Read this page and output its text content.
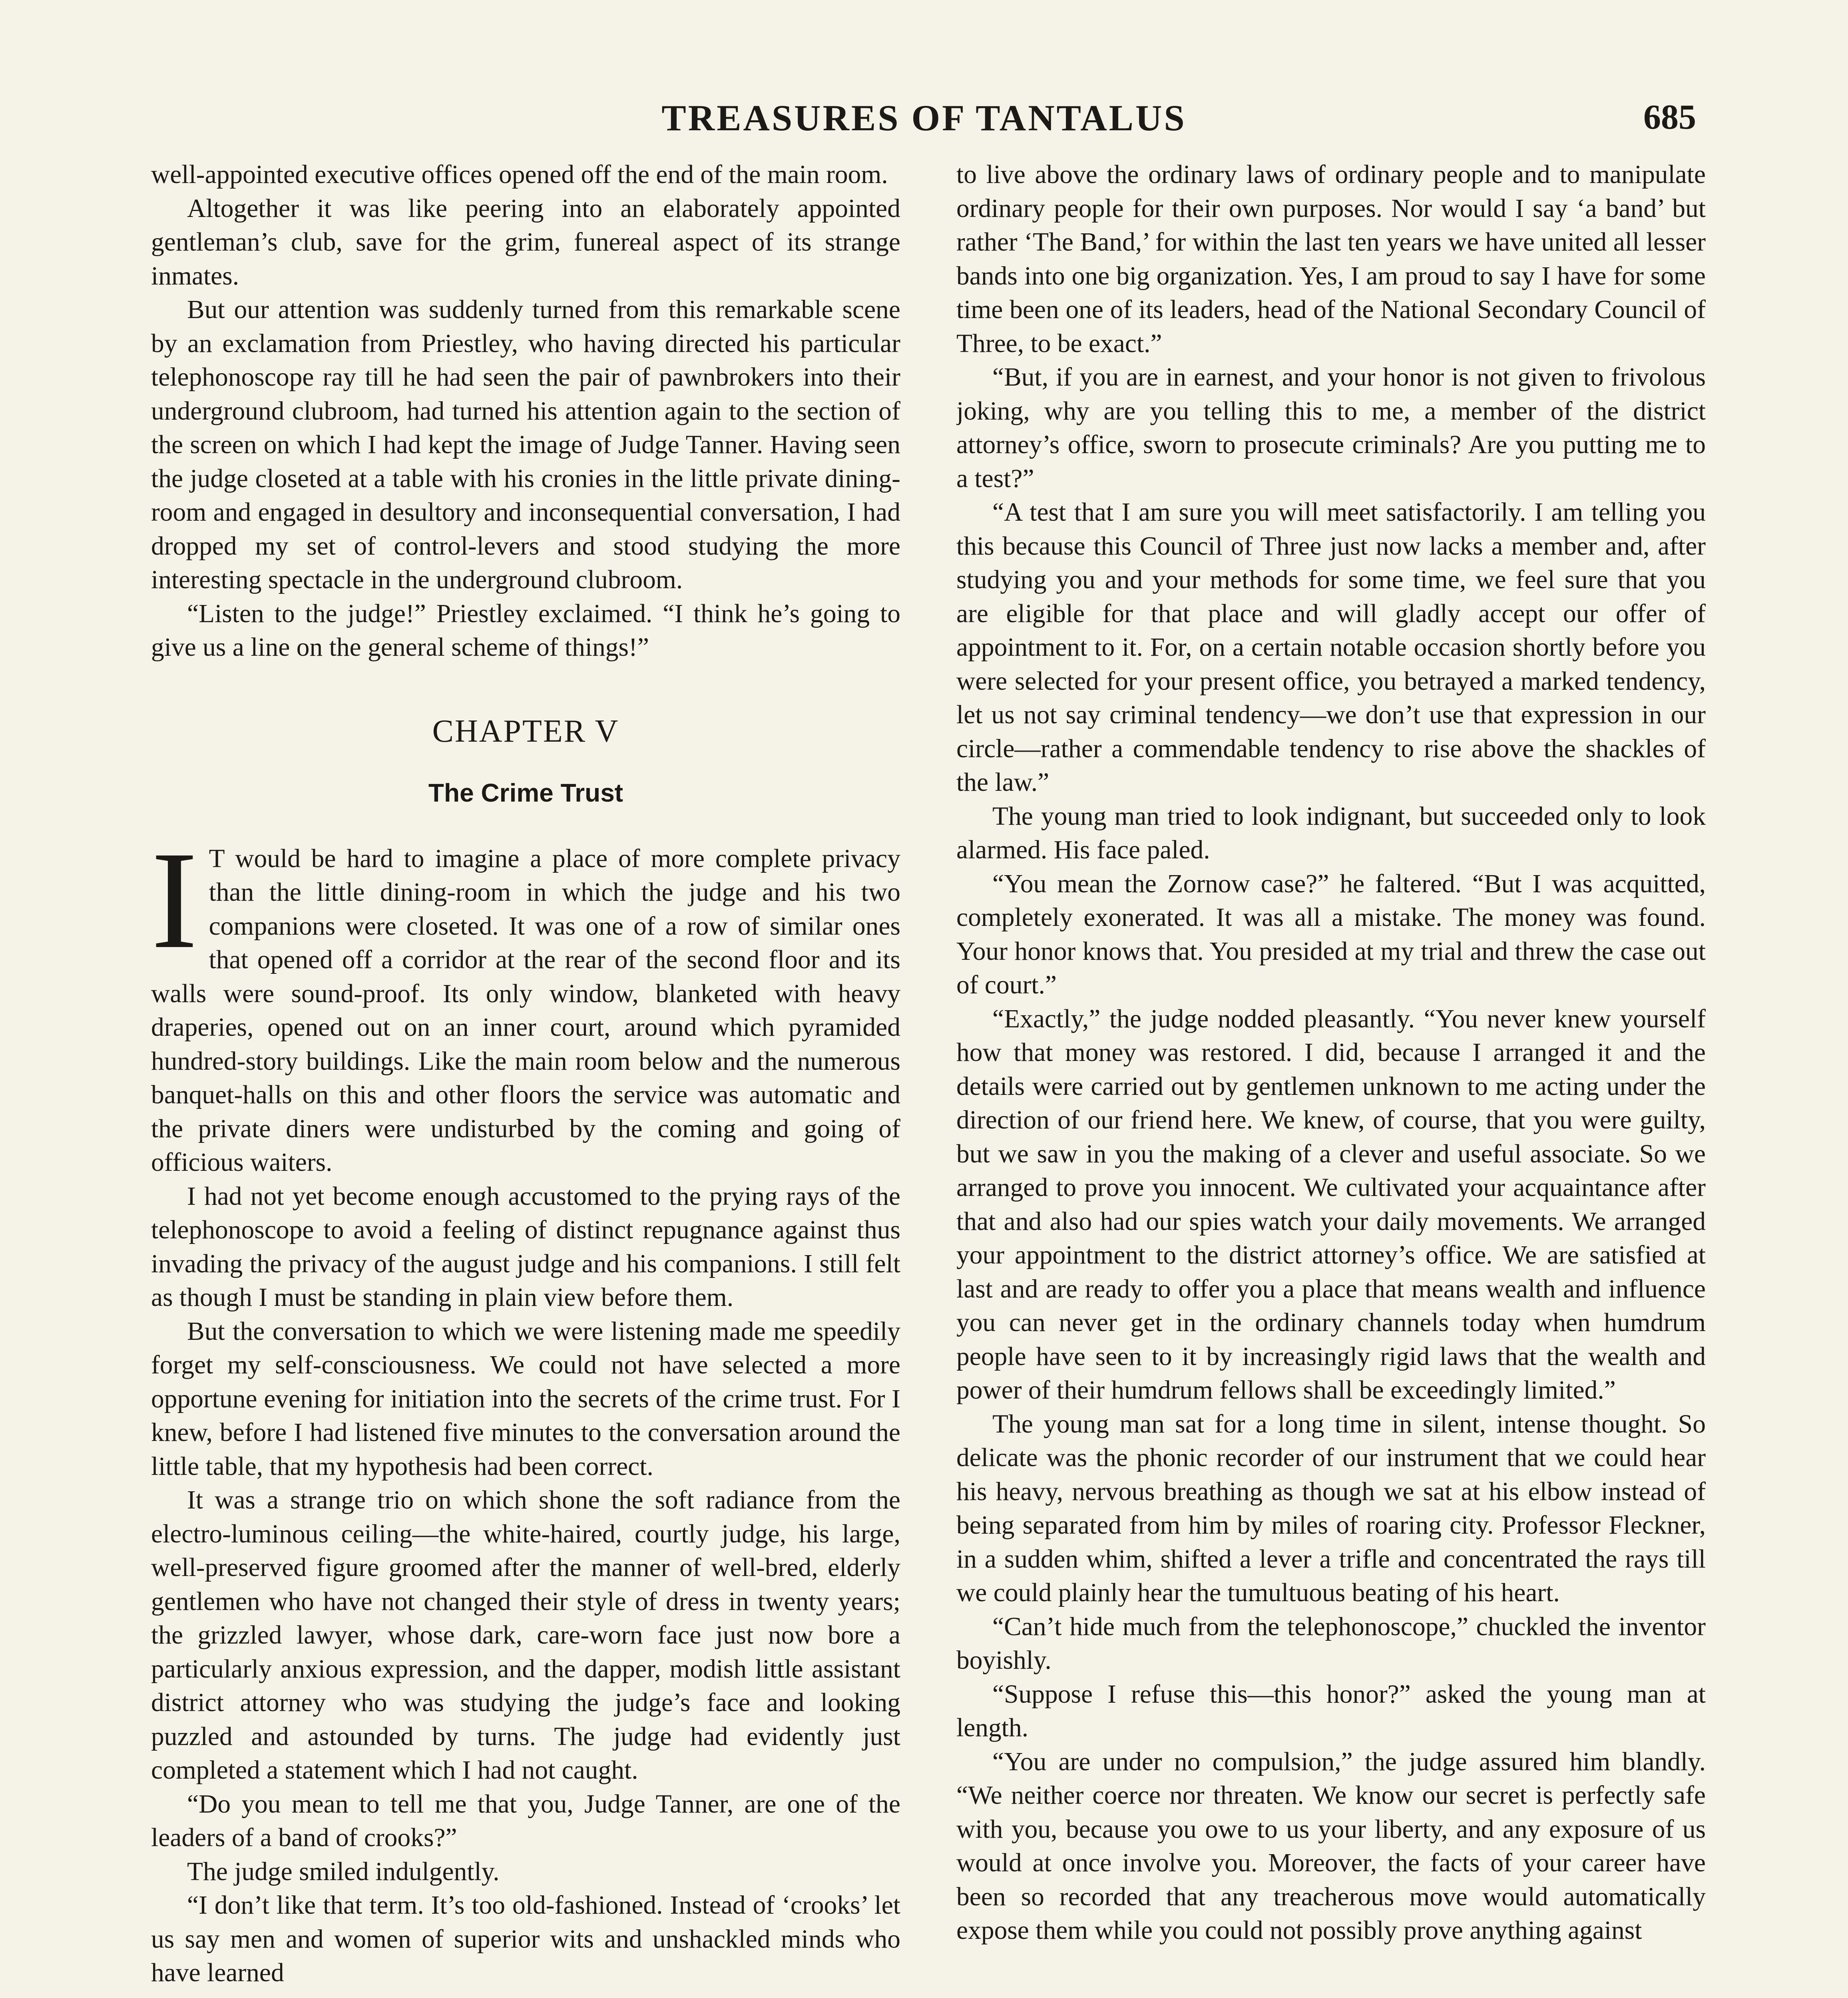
TREASURES OF TANTALUS	685

well-appointed executive offices opened off the end of the main room.

Altogether it was like peering into an elaborately appointed gentleman’s club, save for the grim, funereal aspect of its strange inmates.

But our attention was suddenly turned from this remarkable scene by an exclamation from Priestley, who having directed his particular telephonoscope ray till he had seen the pair of pawnbrokers into their underground clubroom, had turned his attention again to the section of the screen on which I had kept the image of Judge Tanner. Having seen the judge closeted at a table with his cronies in the little private dining-room and engaged in desultory and inconsequential conversation, I had dropped my set of control-levers and stood studying the more interesting spectacle in the underground clubroom.

“Listen to the judge!” Priestley exclaimed. “I think he’s going to give us a line on the general scheme of things!”

CHAPTER V
The Crime Trust

I T would be hard to imagine a place of more complete privacy than the little dining-room in which the judge and his two companions were closeted. It was one of a row of similar ones that opened off a corridor at the rear of the second floor and its walls were sound-proof. Its only window, blanketed with heavy draperies, opened out on an inner court, around which pyramided hundred-story buildings. Like the main room below and the numerous banquet-halls on this and other floors the service was automatic and the private diners were undisturbed by the coming and going of officious waiters.

I had not yet become enough accustomed to the prying rays of the telephonoscope to avoid a feeling of distinct repugnance against thus invading the privacy of the august judge and his companions. I still felt as though I must be standing in plain view before them.

But the conversation to which we were listening made me speedily forget my self-consciousness. We could not have selected a more opportune evening for initiation into the secrets of the crime trust. For I knew, before I had listened five minutes to the conversation around the little table, that my hypothesis had been correct.

It was a strange trio on which shone the soft radiance from the electro-luminous ceiling—the white-haired, courtly judge, his large, well-preserved figure groomed after the manner of well-bred, elderly gentlemen who have not changed their style of dress in twenty years; the grizzled lawyer, whose dark, care-worn face just now bore a particularly anxious expression, and the dapper, modish little assistant district attorney who was studying the judge’s face and looking puzzled and astounded by turns. The judge had evidently just completed a statement which I had not caught.

“Do you mean to tell me that you, Judge Tanner, are one of the leaders of a band of crooks?”

The judge smiled indulgently.

“I don’t like that term. It’s too old-fashioned. Instead of ‘crooks’ let us say men and women of superior wits and unshackled minds who have learned

to live above the ordinary laws of ordinary people and to manipulate ordinary people for their own purposes. Nor would I say ‘a band’ but rather ‘The Band,’ for within the last ten years we have united all lesser bands into one big organization. Yes, I am proud to say I have for some time been one of its leaders, head of the National Secondary Council of Three, to be exact.”

“But, if you are in earnest, and your honor is not given to frivolous joking, why are you telling this to me, a member of the district attorney’s office, sworn to prosecute criminals? Are you putting me to a test?”

“A test that I am sure you will meet satisfactorily. I am telling you this because this Council of Three just now lacks a member and, after studying you and your methods for some time, we feel sure that you are eligible for that place and will gladly accept our offer of appointment to it. For, on a certain notable occasion shortly before you were selected for your present office, you betrayed a marked tendency, let us not say criminal tendency—we don’t use that expression in our circle—rather a commendable tendency to rise above the shackles of the law.”

The young man tried to look indignant, but succeeded only to look alarmed. His face paled.

“You mean the Zornow case?” he faltered. “But I was acquitted, completely exonerated. It was all a mistake. The money was found. Your honor knows that. You presided at my trial and threw the case out of court.”

“Exactly,” the judge nodded pleasantly. “You never knew yourself how that money was restored. I did, because I arranged it and the details were carried out by gentlemen unknown to me acting under the direction of our friend here. We knew, of course, that you were guilty, but we saw in you the making of a clever and useful associate. So we arranged to prove you innocent. We cultivated your acquaintance after that and also had our spies watch your daily movements. We arranged your appointment to the district attorney’s office. We are satisfied at last and are ready to offer you a place that means wealth and influence you can never get in the ordinary channels today when humdrum people have seen to it by increasingly rigid laws that the wealth and power of their humdrum fellows shall be exceedingly limited.”

The young man sat for a long time in silent, intense thought. So delicate was the phonic recorder of our instrument that we could hear his heavy, nervous breathing as though we sat at his elbow instead of being separated from him by miles of roaring city. Professor Fleckner, in a sudden whim, shifted a lever a trifle and concentrated the rays till we could plainly hear the tumultuous beating of his heart.

“Can’t hide much from the telephonoscope,” chuckled the inventor boyishly.

“Suppose I refuse this—this honor?” asked the young man at length.

“You are under no compulsion,” the judge assured him blandly. “We neither coerce nor threaten. We know our secret is perfectly safe with you, because you owe to us your liberty, and any exposure of us would at once involve you. Moreover, the facts of your career have been so recorded that any treacherous move would automatically expose them while you could not possibly prove anything against
